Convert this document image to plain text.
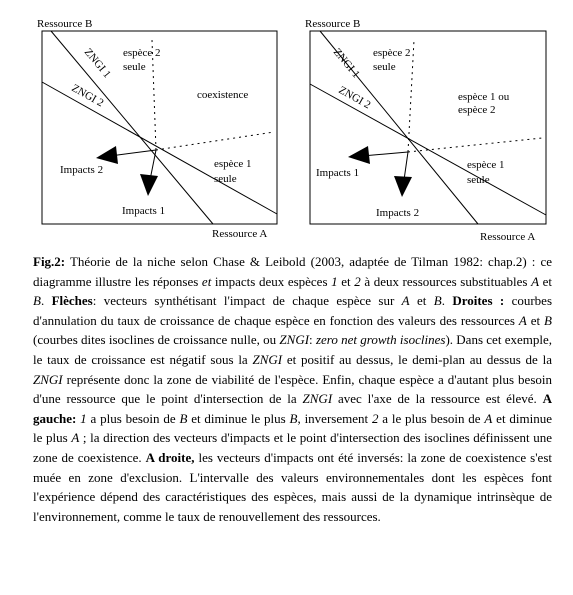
Ressource B
Ressource A
ZNGI 1
ZNGI 2
espèce 2
seule
coexistence
espèce 1
seule
Impacts 2
Impacts 1
Ressource B
Ressource A
ZNGI 1
ZNGI 2
espèce 2
seule
espèce 1 ou
espèce 2
espèce 1
seule
Impacts 1
Impacts 2

Fig.2: Théorie de la niche selon Chase & Leibold (2003, adaptée de Tilman 1982: chap.2) : ce diagramme illustre les réponses et impacts deux espèces 1 et 2 à deux ressources substituables A et B. Flèches: vecteurs synthétisant l'impact de chaque espèce sur A et B. Droites : courbes d'annulation du taux de croissance de chaque espèce en fonction des valeurs des ressources A et B (courbes dites isoclines de croissance nulle, ou ZNGI: zero net growth isoclines). Dans cet exemple, le taux de croissance est négatif sous la ZNGI et positif au dessus, le demi-plan au dessus de la ZNGI représente donc la zone de viabilité de l'espèce. Enfin, chaque espèce a d'autant plus besoin d'une ressource que le point d'intersection de la ZNGI avec l'axe de la ressource est élevé. A gauche: 1 a plus besoin de B et diminue le plus B, inversement 2 a le plus besoin de A et diminue le plus A ; la direction des vecteurs d'impacts et le point d'intersection des isoclines définissent une zone de coexistence. A droite, les vecteurs d'impacts ont été inversés: la zone de coexistence s'est muée en zone d'exclusion. L'intervalle des valeurs environnementales dont les espèces font l'expérience dépend des caractéristiques des espèces, mais aussi de la dynamique intrinsèque de l'environnement, comme le taux de renouvellement des ressources.
